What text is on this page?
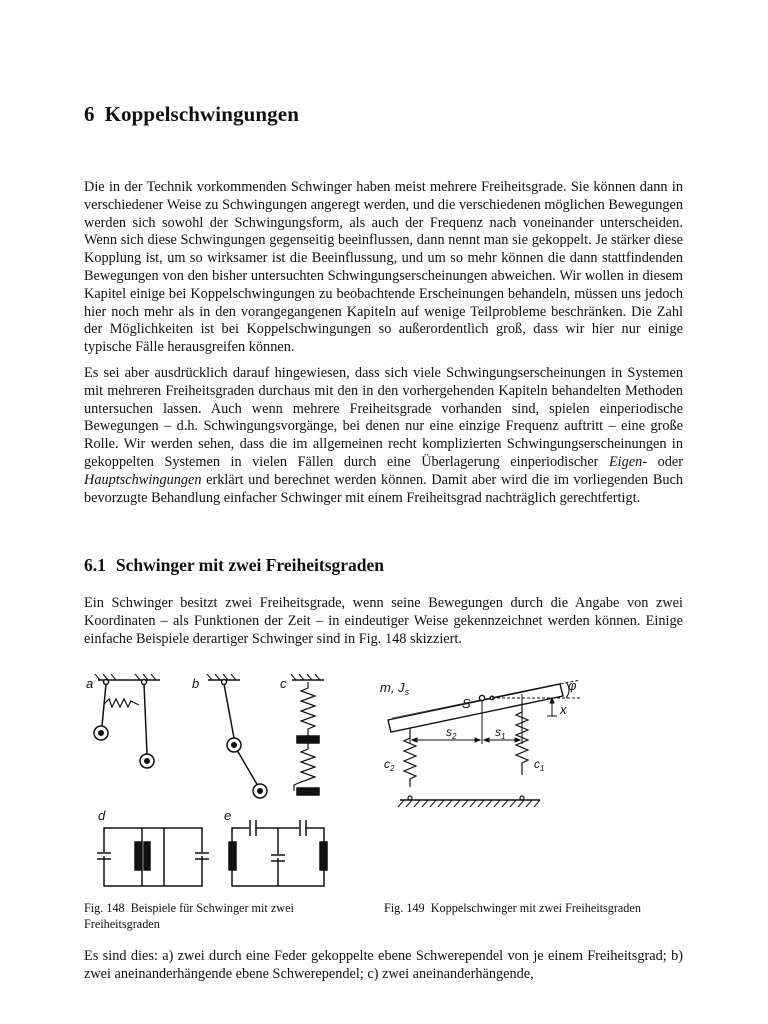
6 Koppelschwingungen

Die in der Technik vorkommenden Schwinger haben meist mehrere Freiheitsgrade. Sie können dann in verschiedener Weise zu Schwingungen angeregt werden, und die verschiedenen möglichen Bewegungen werden sich sowohl der Schwingungsform, als auch der Frequenz nach voneinander unterscheiden. Wenn sich diese Schwingungen gegenseitig beeinflussen, dann nennt man sie gekoppelt. Je stärker diese Kopplung ist, um so wirksamer ist die Beeinflussung, und um so mehr können die dann stattfindenden Bewegungen von den bisher untersuchten Schwingungserscheinungen abweichen. Wir wollen in diesem Kapitel einige bei Koppelschwingungen zu beobachtende Erscheinungen behandeln, müssen uns jedoch hier noch mehr als in den vorangegangenen Kapiteln auf wenige Teilprobleme beschränken. Die Zahl der Möglichkeiten ist bei Koppelschwingungen so außerordentlich groß, dass wir hier nur einige typische Fälle herausgreifen können.

Es sei aber ausdrücklich darauf hingewiesen, dass sich viele Schwingungserscheinungen in Systemen mit mehreren Freiheitsgraden durchaus mit den in den vorhergehenden Kapiteln behandelten Methoden untersuchen lassen. Auch wenn mehrere Freiheitsgrade vorhanden sind, spielen einperiodische Bewegungen – d.h. Schwingungsvorgänge, bei denen nur eine einzige Frequenz auftritt – eine große Rolle. Wir werden sehen, dass die im allgemeinen recht komplizierten Schwingungserscheinungen in gekoppelten Systemen in vielen Fällen durch eine Überlagerung einperiodischer Eigen- oder Hauptschwingungen erklärt und berechnet werden können. Damit aber wird die im vorliegenden Buch bevorzugte Behandlung einfacher Schwinger mit einem Freiheitsgrad nachträglich gerechtfertigt.

6.1 Schwinger mit zwei Freiheitsgraden

Ein Schwinger besitzt zwei Freiheitsgrade, wenn seine Bewegungen durch die Angabe von zwei Koordinaten – als Funktionen der Zeit – in eindeutiger Weise gekennzeichnet werden können. Einige einfache Beispiele derartiger Schwinger sind in Fig. 148 skizziert.

a	b	c
d	e
m, $J_s$
S
$s_2$	$s_1$
φ
x
$c_2$	$c_1$

Fig. 148 Beispiele für Schwinger mit zwei Freiheitsgraden

Fig. 149 Koppelschwinger mit zwei Freiheitsgraden

Es sind dies: a) zwei durch eine Feder gekoppelte ebene Schwerependel von je einem Freiheitsgrad; b) zwei aneinanderhängende ebene Schwerependel; c) zwei aneinanderhängende,
